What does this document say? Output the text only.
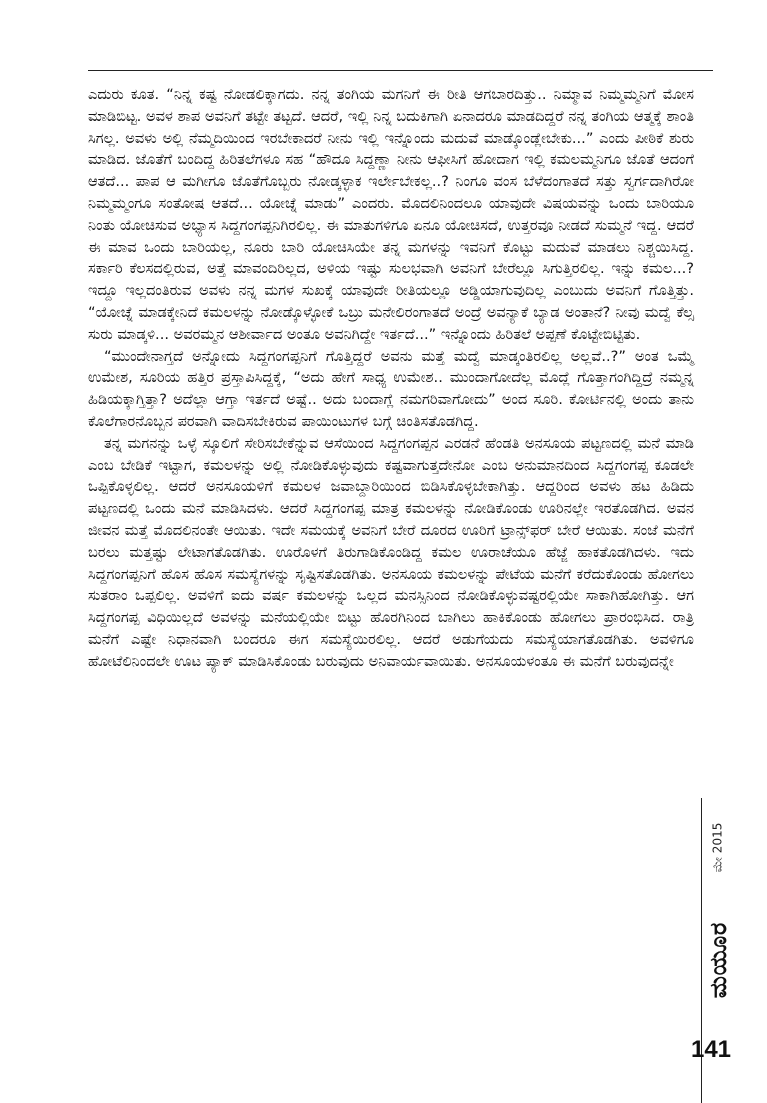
ಎದುರು ಕೂತ. “ನಿನ್ನ ಕಷ್ಟ ನೋಡಲಿಕ್ಕಾಗದು. ನನ್ನ ತಂಗಿಯ ಮಗನಿಗೆ ಈ ರೀತಿ ಆಗಬಾರದಿತ್ತು.. ನಿಮ್ಮಾವ ನಿಮ್ಮಮ್ಮನಿಗೆ ಮೋಸ ಮಾಡಿಬಿಟ್ಟ. ಅವಳ ಶಾಪ ಅವನಿಗೆ ತಟ್ಟೇ ತಟ್ಟದೆ. ಆದರೆ, ಇಲ್ಲಿ ನಿನ್ನ ಬದುಕಿಗಾಗಿ ಏನಾದರೂ ಮಾಡದಿದ್ದರೆ ನನ್ನ ತಂಗಿಯ ಆತ್ಮಕ್ಕೆ ಶಾಂತಿ ಸಿಗಲ್ಲ. ಅವಳು ಅಲ್ಲಿ ನೆಮ್ಮದಿಯಿಂದ ಇರಬೇಕಾದರೆ ನೀನು ಇಲ್ಲಿ ಇನ್ನೊಂದು ಮದುವೆ ಮಾಡ್ಕೊಂಡ್ಲೇಬೇಕು...” ಎಂದು ಪೀಠಿಕೆ ಶುರು ಮಾಡಿದ. ಜೊತೆಗೆ ಬಂದಿದ್ದ ಹಿರಿತಲೆಗಳೂ ಸಹ “ಹೌದೂ ಸಿದ್ದಣ್ಣಾ ನೀನು ಆಫೀಸಿಗೆ ಹೋದಾಗ ಇಲ್ಲಿ ಕಮಲಮ್ಮನಿಗೂ ಜೊತೆ ಆದಂಗೆ ಆತದೆ... ಪಾಪ ಆ ಮಗೀಗೂ ಜೊತೆಗೊಬ್ಬರು ನೋಡ್ಕಳ್ಳಾಕ ಇರ್ಲೇಬೇಕಲ್ಲ..? ನಿಂಗೂ ವಂಸ ಬೆಳೆದಂಗಾತದೆ ಸತ್ತು ಸ್ವರ್ಗದಾಗಿರೋ ನಿಮ್ಮಮ್ಮಂಗೂ ಸಂತೋಷ ಆತದೆ... ಯೋಚ್ನೆ ಮಾಡು” ಎಂದರು. ಮೊದಲಿನಿಂದಲೂ ಯಾವುದೇ ವಿಷಯವನ್ನು ಒಂದು ಬಾರಿಯೂ ನಿಂತು ಯೋಚಿಸುವ ಅಭ್ಯಾಸ ಸಿದ್ದಗಂಗಪ್ಪನಿಗಿರಲಿಲ್ಲ. ಈ ಮಾತುಗಳಿಗೂ ಏನೂ ಯೋಚಿಸದೆ, ಉತ್ತರವೂ ನೀಡದೆ ಸುಮ್ಮನೆ ಇದ್ದ. ಆದರೆ ಈ ಮಾವ ಒಂದು ಬಾರಿಯಲ್ಲ, ನೂರು ಬಾರಿ ಯೋಚಿಸಿಯೇ ತನ್ನ ಮಗಳನ್ನು ಇವನಿಗೆ ಕೊಟ್ಟು ಮದುವೆ ಮಾಡಲು ನಿಶ್ಚಯಿಸಿದ್ದ. ಸರ್ಕಾರಿ ಕೆಲಸದಲ್ಲಿರುವ, ಅತ್ತೆ ಮಾವಂದಿರಿಲ್ಲದ, ಅಳಿಯ ಇಷ್ಟು ಸುಲಭವಾಗಿ ಅವನಿಗೆ ಬೇರೆಲ್ಲೂ ಸಿಗುತ್ತಿರಲಿಲ್ಲ. ಇನ್ನು ಕಮಲ...? ಇದ್ದೂ ಇಲ್ಲದಂತಿರುವ ಅವಳು ನನ್ನ ಮಗಳ ಸುಖಕ್ಕೆ ಯಾವುದೇ ರೀತಿಯಲ್ಲೂ ಅಡ್ಡಿಯಾಗುವುದಿಲ್ಲ ಎಂಬುದು ಅವನಿಗೆ ಗೊತ್ತಿತ್ತು. “ಯೋಚ್ನೆ ಮಾಡಕ್ಕೇನಿದೆ ಕಮಲಳನ್ನು ನೋಡ್ಕೊಳ್ಳೋಕೆ ಒಬ್ರು ಮನೇಲಿರಂಗಾತದೆ ಅಂದ್ರೆ ಅವನ್ಯಾಕೆ ಬ್ಯಾಡ ಅಂತಾನೆ? ನೀವು ಮದ್ವೆ ಕೆಲ್ಸ ಸುರು ಮಾಡ್ಕಳಿ... ಅವರಮ್ಮನ ಆಶೀರ್ವಾದ ಅಂತೂ ಅವನಿಗಿದ್ದೇ ಇರ್ತದೆ...” ಇನ್ನೊಂದು ಹಿರಿತಲೆ ಅಪ್ಪಣೆ ಕೊಟ್ಟೇಬಿಟ್ಟಿತು.

“ಮುಂದೇನಾಗ್ತದೆ ಅನ್ನೋದು ಸಿದ್ದಗಂಗಪ್ಪನಿಗೆ ಗೊತ್ತಿದ್ದರೆ ಅವನು ಮತ್ತೆ ಮದ್ವೆ ಮಾಡ್ಕಂತಿರಲಿಲ್ಲ ಅಲ್ಲವೆ..?” ಅಂತ ಒಮ್ಮೆ ಉಮೇಶ, ಸೂರಿಯ ಹತ್ತಿರ ಪ್ರಸ್ತಾಪಿಸಿದ್ದಕ್ಕೆ, “ಅದು ಹೇಗೆ ಸಾಧ್ಯ ಉಮೇಶ.. ಮುಂದಾಗೋದೆಲ್ಲ ಮೊದ್ಲೆ ಗೊತ್ತಾಗಂಗಿದ್ದಿದ್ರೆ ನಮ್ಮನ್ನ ಹಿಡಿಯಕ್ಕಾಗ್ತಿತ್ತಾ? ಅದೆಲ್ಲಾ ಆಗ್ತಾ ಇರ್ತದೆ ಅಷ್ಟೆ.. ಅದು ಬಂದಾಗ್ಲೆ ನಮಗರಿವಾಗೋದು” ಅಂದ ಸೂರಿ. ಕೋರ್ಟಿನಲ್ಲಿ ಅಂದು ತಾನು ಕೊಲೆಗಾರನೊಬ್ಬನ ಪರವಾಗಿ ವಾದಿಸಬೇಕಿರುವ ಪಾಯಿಂಟುಗಳ ಬಗ್ಗೆ ಚಿಂತಿಸತೊಡಗಿದ್ದ.

ತನ್ನ ಮಗನನ್ನು ಒಳ್ಳೆ ಸ್ಕೂಲಿಗೆ ಸೇರಿಸಬೇಕೆನ್ನುವ ಆಸೆಯಿಂದ ಸಿದ್ದಗಂಗಪ್ಪನ ಎರಡನೆ ಹೆಂಡತಿ ಅನಸೂಯ ಪಟ್ಟಣದಲ್ಲಿ ಮನೆ ಮಾಡಿ ಎಂಬ ಬೇಡಿಕೆ ಇಟ್ಟಾಗ, ಕಮಲಳನ್ನು ಅಲ್ಲಿ ನೋಡಿಕೊಳ್ಳುವುದು ಕಷ್ಟವಾಗುತ್ತದೇನೋ ಎಂಬ ಅನುಮಾನದಿಂದ ಸಿದ್ದಗಂಗಪ್ಪ ಕೂಡಲೇ ಒಪ್ಪಿಕೊಳ್ಳಲಿಲ್ಲ. ಆದರೆ ಅನಸೂಯಳಿಗೆ ಕಮಲಳ ಜವಾಬ್ದಾರಿಯಿಂದ ಬಿಡಿಸಿಕೊಳ್ಳಬೇಕಾಗಿತ್ತು. ಆದ್ದರಿಂದ ಅವಳು ಹಟ ಹಿಡಿದು ಪಟ್ಟಣದಲ್ಲಿ ಒಂದು ಮನೆ ಮಾಡಿಸಿದಳು. ಆದರೆ ಸಿದ್ದಗಂಗಪ್ಪ ಮಾತ್ರ ಕಮಲಳನ್ನು ನೋಡಿಕೊಂಡು ಊರಿನಲ್ಲೇ ಇರತೊಡಗಿದ. ಅವನ ಜೀವನ ಮತ್ತೆ ಮೊದಲಿನಂತೇ ಆಯಿತು. ಇದೇ ಸಮಯಕ್ಕೆ ಅವನಿಗೆ ಬೇರೆ ದೂರದ ಊರಿಗೆ ಟ್ರಾನ್ಸ್‌ಫರ್ ಬೇರೆ ಆಯಿತು. ಸಂಜೆ ಮನೆಗೆ ಬರಲು ಮತ್ತಷ್ಟು ಲೇಟಾಗತೊಡಗಿತು. ಊರೊಳಗೆ ತಿರುಗಾಡಿಕೊಂಡಿದ್ದ ಕಮಲ ಊರಾಚೆಯೂ ಹೆಜ್ಜೆ ಹಾಕತೊಡಗಿದಳು. ಇದು ಸಿದ್ದಗಂಗಪ್ಪನಿಗೆ ಹೊಸ ಹೊಸ ಸಮಸ್ಯೆಗಳನ್ನು ಸೃಷ್ಟಿಸತೊಡಗಿತು. ಅನಸೂಯ ಕಮಲಳನ್ನು ಪೇಟೆಯ ಮನೆಗೆ ಕರೆದುಕೊಂಡು ಹೋಗಲು ಸುತರಾಂ ಒಪ್ಪಲಿಲ್ಲ. ಅವಳಿಗೆ ಐದು ವರ್ಷ ಕಮಲಳನ್ನು ಒಲ್ಲದ ಮನಸ್ಸಿನಿಂದ ನೋಡಿಕೊಳ್ಳುವಷ್ಟರಲ್ಲಿಯೇ ಸಾಕಾಗಿಹೋಗಿತ್ತು. ಆಗ ಸಿದ್ದಗಂಗಪ್ಪ ವಿಧಿಯಿಲ್ಲದೆ ಅವಳನ್ನು ಮನೆಯಲ್ಲಿಯೇ ಬಿಟ್ಟು ಹೊರಗಿನಿಂದ ಬಾಗಿಲು ಹಾಕಿಕೊಂಡು ಹೋಗಲು ಪ್ರಾರಂಭಿಸಿದ. ರಾತ್ರಿ ಮನೆಗೆ ಎಷ್ಟೇ ನಿಧಾನವಾಗಿ ಬಂದರೂ ಈಗ ಸಮಸ್ಯೆಯಿರಲಿಲ್ಲ. ಆದರೆ ಅಡುಗೆಯದು ಸಮಸ್ಯೆಯಾಗತೊಡಗಿತು. ಅವಳಿಗೂ ಹೋಟೆಲಿನಿಂದಲೇ ಊಟ ಪ್ಯಾಕ್ ಮಾಡಿಸಿಕೊಂಡು ಬರುವುದು ಅನಿವಾರ್ಯವಾಯಿತು. ಅನಸೂಯಳಂತೂ ಈ ಮನೆಗೆ ಬರುವುದನ್ನೇ

ಮೇ 2015
ಮಯೂರ
141
